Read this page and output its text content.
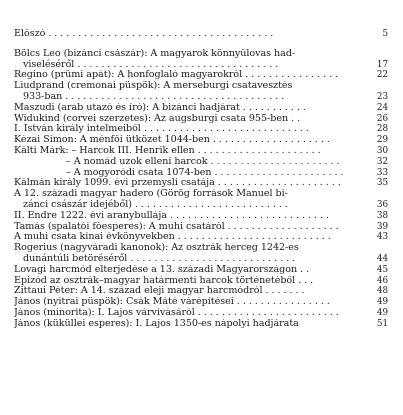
Előszó . . . . . . . . . . . . . . . . . . . . . . . . . . . . . . . . . . . . . .	5
Bölcs Leo (bizánci császár): A magyarok könnyűlovas had-
viseléséről . . . . . . . . . . . . . . . . . . . . . . . . . . . . . . . . . .	17
Regino (prümi apát): A honfoglaló magyarokról . . . . . . . . . . . . . . . .	22
Liudprand (cremonai püspök): A merseburgi csatavesztés
933-ban . . . . . . . . . . . . . . . . . . . . . . . . . . . . . . . . . . . . .	23
Maszudi (arab utazó és író): A bizánci hadjárat . . . . . . . . . . .	24
Widukind (corvei szerzetes): Az augsburgi csata 955-ben . .	26
I. István király intelmeiből . . . . . . . . . . . . . . . . . . . . . . . . . . . .	28
Kézai Simon: A ménfői ütközet 1044-ben . . . . . . . . . . . . . . . . . . . .	29
Kálti Márk: – Harcok III. Henrik ellen . . . . . . . . . . . . . . . . . . . . .	30
– A nomád uzok elleni harcok . . . . . . . . . . . . . . . . . . . . . .	32
– A mogyoródi csata 1074-ben . . . . . . . . . . . . . . . . . . . . . .	33
Kálmán király 1099. évi przemysli csatája . . . . . . . . . . . . . . . . . . . . .	35
A 12. századi magyar hadero (Görög források Manuel bi-
zánci császár idejéből) . . . . . . . . . . . . . . . . . . . . . . . . . .	36
II. Endre 1222. évi aranybullája . . . . . . . . . . . . . . . . . . . . . . . . . . .	38
Tamás (spalatói főesperes): A muhi csatáról . . . . . . . . . . . . . . . . . . .	39
A muhi csata kínai évkönyvekben . . . . . . . . . . . . . . . . . . . . . . . . . .	43
Rogerius (nagyváradi kanonok): Az osztrák herceg 1242-es
dunántúli betöréséről . . . . . . . . . . . . . . . . . . . . . . . . . . . .	44
Lovagi harcmód elterjedése a 13. századi Magyarországon . .	45
Epizód az osztrák–magyar határmenti harcok történetéből . . .	46
Zittaui Péter: A 14. század eleji magyar harcmódról . . . . . . .	48
János (nyitrai püspök): Csák Máté várépítései . . . . . . . . . . . . . . . .	49
János (minorita): I. Lajos várvívásáról . . . . . . . . . . . . . . . . . . . . . . . .	49
János (küküllei esperes): I. Lajos 1350-es nápolyi hadjárata	51
